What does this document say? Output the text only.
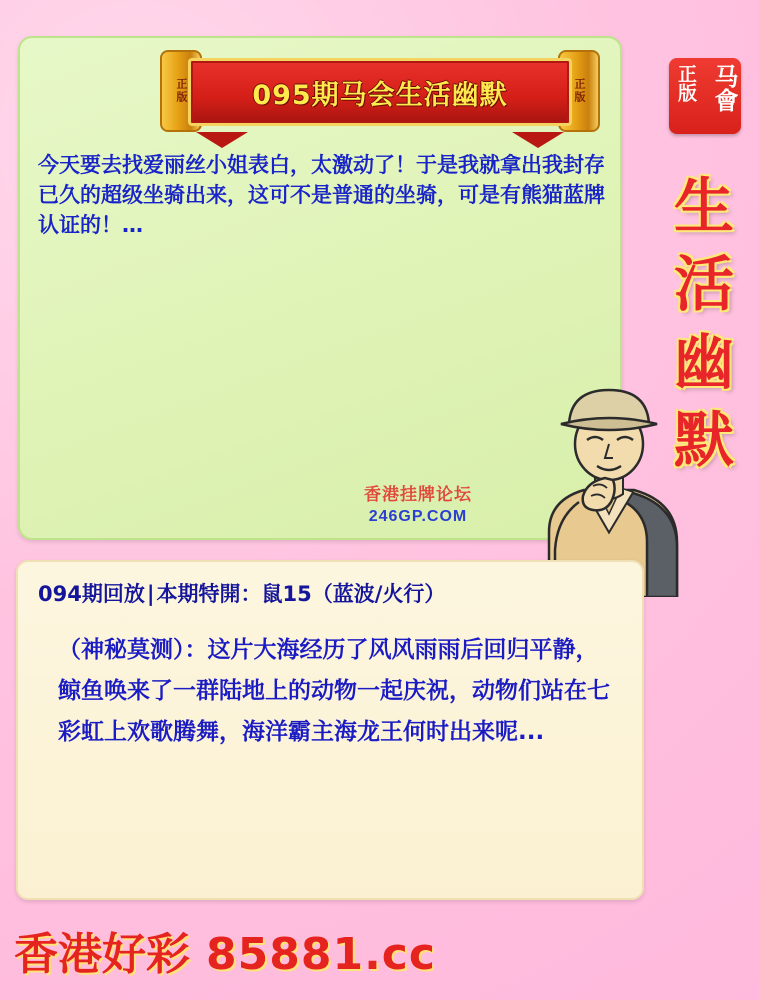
正版	正版
095期马会生活幽默
今天要去找爱丽丝小姐表白，太激动了！于是我就拿出我封存已久的超级坐骑出来，这可不是普通的坐骑，可是有熊猫蓝牌认证的！…
香港挂牌论坛
246GP.COM
正版 马會
生
活
幽
默
094期回放|本期特開：鼠15（蓝波/火行）
（神秘莫测）：这片大海经历了风风雨雨后回归平静，鲸鱼唤来了一群陆地上的动物一起庆祝，动物们站在七彩虹上欢歌腾舞，海洋霸主海龙王何时出来呢...
香港好彩 85881.cc
